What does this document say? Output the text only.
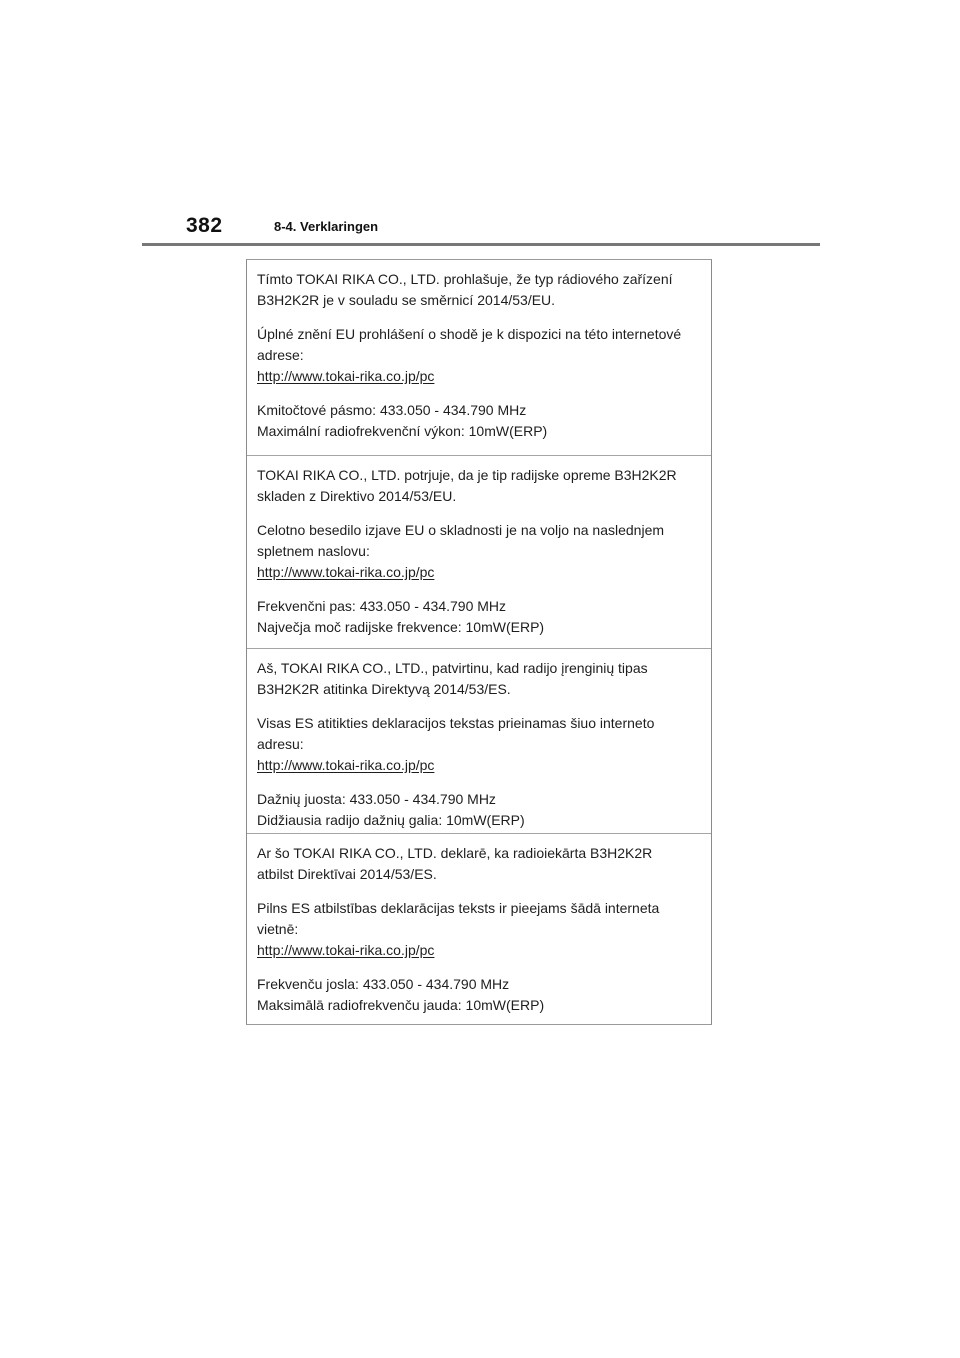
382	8-4. Verklaringen

Tímto TOKAI RIKA CO., LTD. prohlašuje, že typ rádiového zařízení
B3H2K2R je v souladu se směrnicí 2014/53/EU.

Úplné znění EU prohlášení o shodě je k dispozici na této internetové
adrese:
http://www.tokai-rika.co.jp/pc

Kmitočtové pásmo: 433.050 - 434.790 MHz
Maximální radiofrekvenční výkon: 10mW(ERP)

TOKAI RIKA CO., LTD. potrjuje, da je tip radijske opreme B3H2K2R
skladen z Direktivo 2014/53/EU.

Celotno besedilo izjave EU o skladnosti je na voljo na naslednjem
spletnem naslovu:
http://www.tokai-rika.co.jp/pc

Frekvenčni pas: 433.050 - 434.790 MHz
Največja moč radijske frekvence: 10mW(ERP)

Aš, TOKAI RIKA CO., LTD., patvirtinu, kad radijo įrenginių tipas
B3H2K2R atitinka Direktyvą 2014/53/ES.

Visas ES atitikties deklaracijos tekstas prieinamas šiuo interneto
adresu:
http://www.tokai-rika.co.jp/pc

Dažnių juosta: 433.050 - 434.790 MHz
Didžiausia radijo dažnių galia: 10mW(ERP)

Ar šo TOKAI RIKA CO., LTD. deklarē, ka radioiekārta B3H2K2R
atbilst Direktīvai 2014/53/ES.

Pilns ES atbilstības deklarācijas teksts ir pieejams šādā interneta
vietnē:
http://www.tokai-rika.co.jp/pc

Frekvenču josla: 433.050 - 434.790 MHz
Maksimālā radiofrekvenču jauda: 10mW(ERP)
